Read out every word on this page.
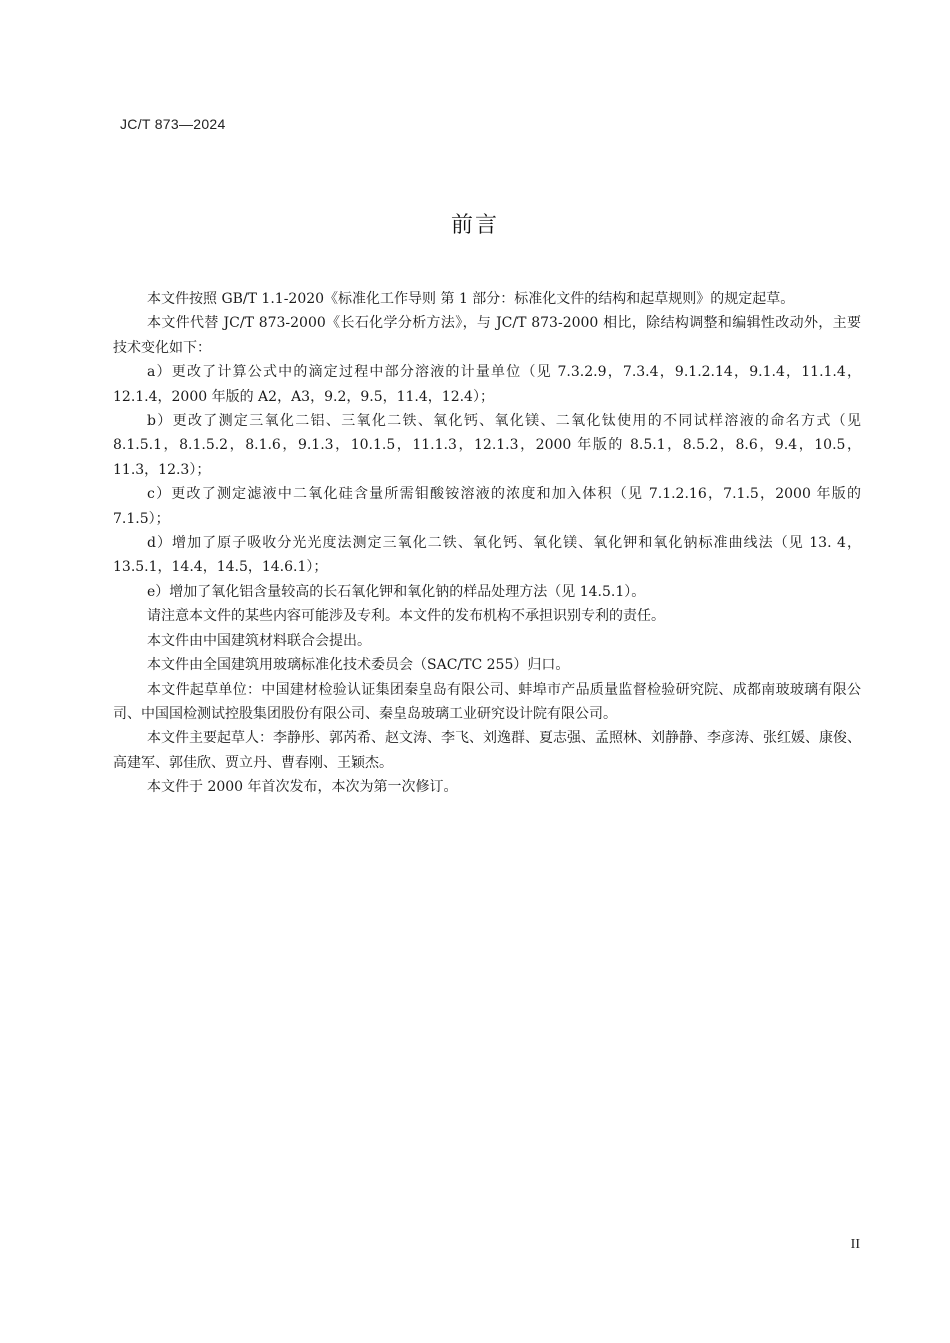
JC/T 873—2024
前言

本文件按照 GB/T 1.1-2020《标准化工作导则 第 1 部分：标准化文件的结构和起草规则》的规定起草。

本文件代替 JC/T 873-2000《长石化学分析方法》，与 JC/T 873-2000 相比，除结构调整和编辑性改动外，主要技术变化如下：

a）更改了计算公式中的滴定过程中部分溶液的计量单位（见 7.3.2.9，7.3.4，9.1.2.14，9.1.4，11.1.4，12.1.4，2000 年版的 A2，A3，9.2，9.5，11.4，12.4）；

b）更改了测定三氧化二铝、三氧化二铁、氧化钙、氧化镁、二氧化钛使用的不同试样溶液的命名方式（见 8.1.5.1，8.1.5.2，8.1.6，9.1.3，10.1.5，11.1.3，12.1.3，2000 年版的 8.5.1，8.5.2，8.6，9.4，10.5，11.3，12.3）；

c）更改了测定滤液中二氧化硅含量所需钼酸铵溶液的浓度和加入体积（见 7.1.2.16，7.1.5，2000 年版的 7.1.5）；

d）增加了原子吸收分光光度法测定三氧化二铁、氧化钙、氧化镁、氧化钾和氧化钠标准曲线法（见 13. 4，13.5.1，14.4，14.5，14.6.1）；

e）增加了氧化铝含量较高的长石氧化钾和氧化钠的样品处理方法（见 14.5.1）。

请注意本文件的某些内容可能涉及专利。本文件的发布机构不承担识别专利的责任。

本文件由中国建筑材料联合会提出。

本文件由全国建筑用玻璃标准化技术委员会（SAC/TC 255）归口。

本文件起草单位：中国建材检验认证集团秦皇岛有限公司、蚌埠市产品质量监督检验研究院、成都南玻玻璃有限公司、中国国检测试控股集团股份有限公司、秦皇岛玻璃工业研究设计院有限公司。

本文件主要起草人：李静彤、郭芮希、赵文涛、李飞、刘逸群、夏志强、孟照林、刘静静、李彦涛、张红媛、康俊、高建军、郭佳欣、贾立丹、曹春刚、王颖杰。

本文件于 2000 年首次发布，本次为第一次修订。

II
